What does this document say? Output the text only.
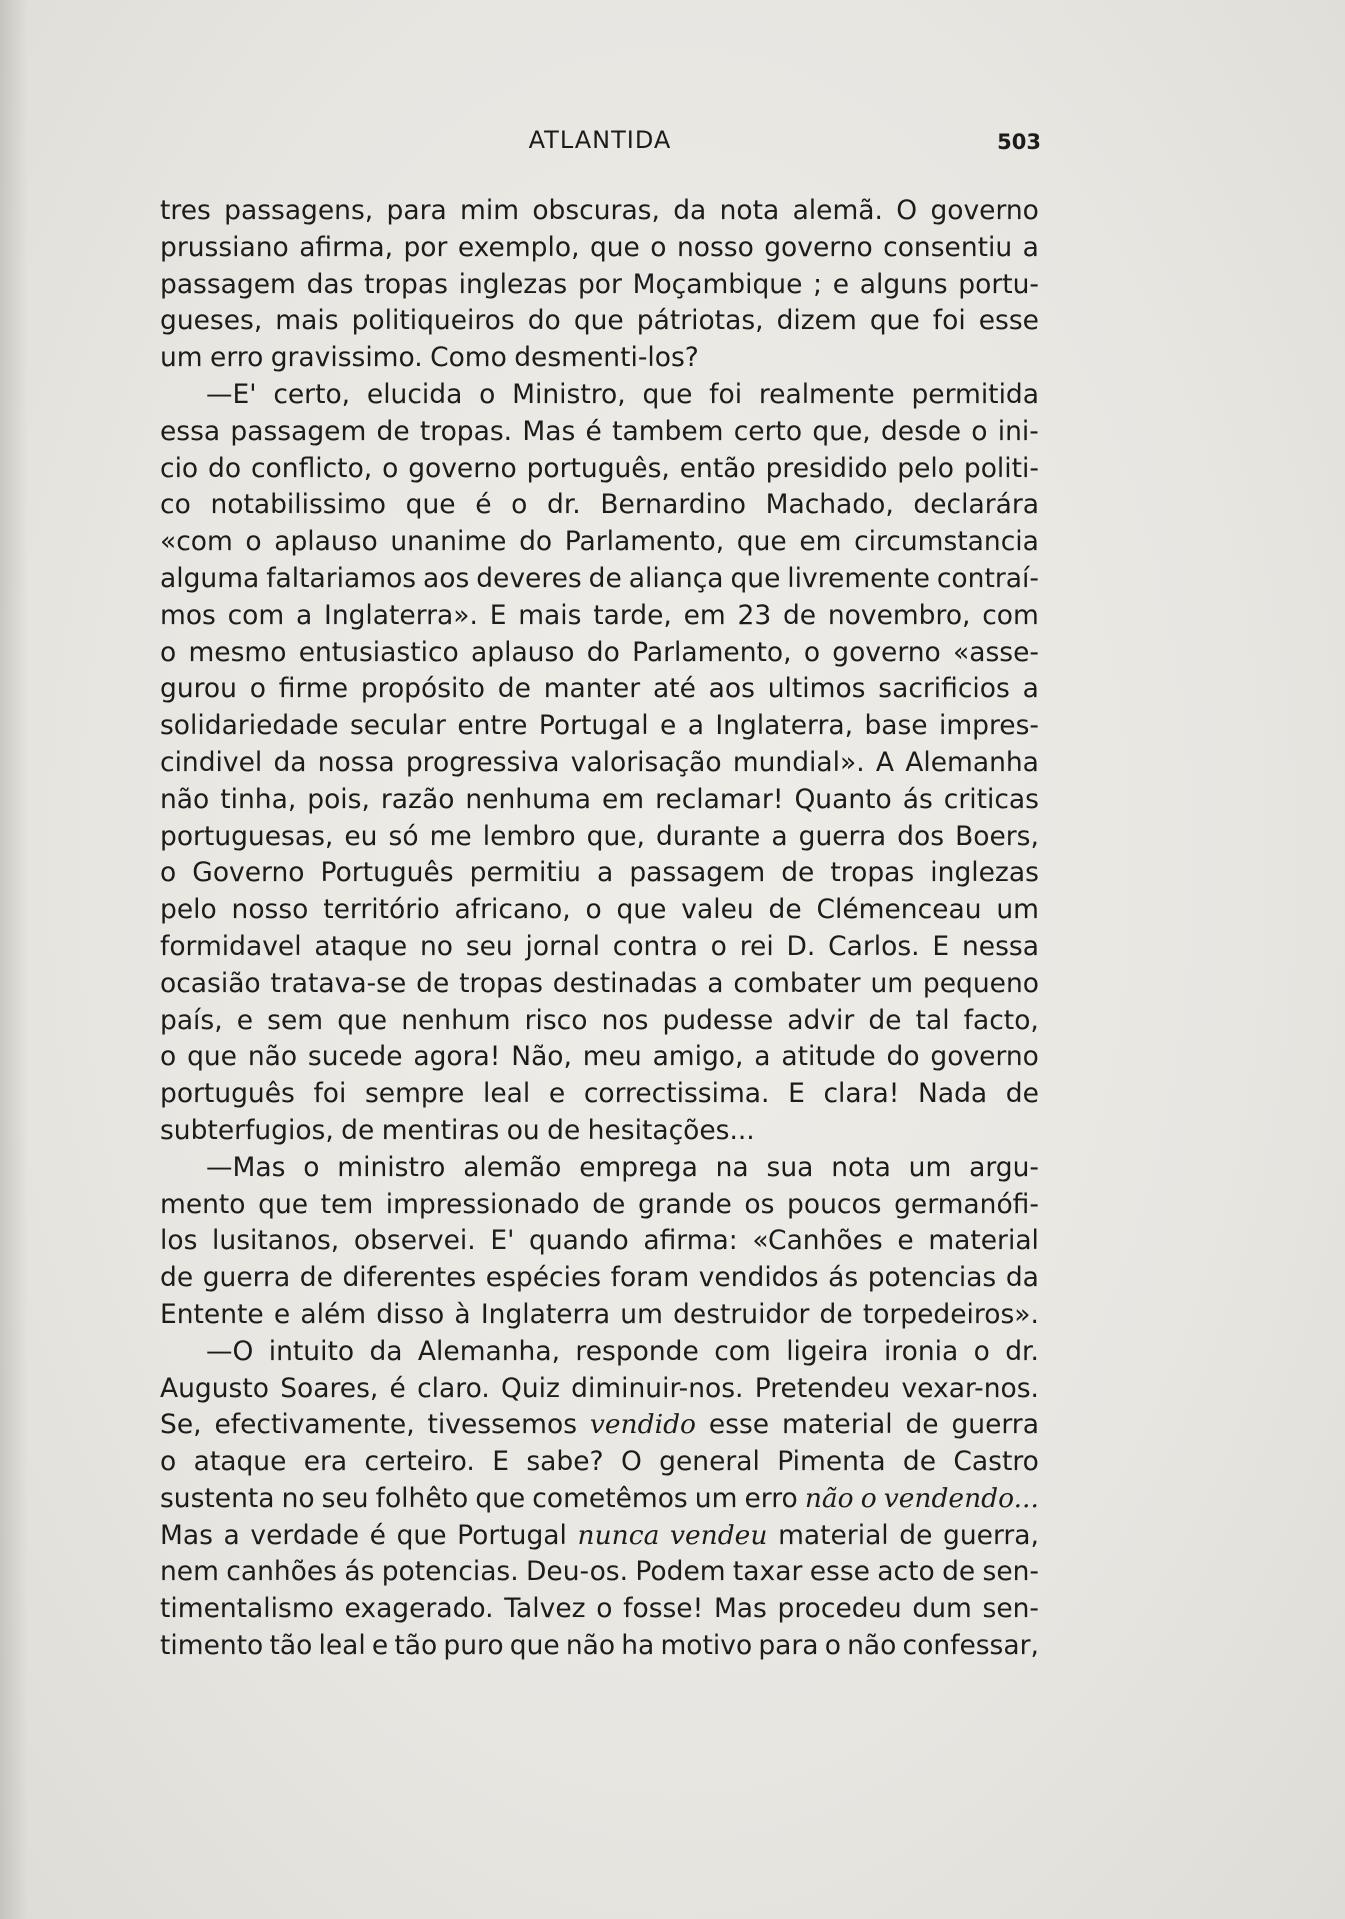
ATLANTIDA	503
tres passagens, para mim obscuras, da nota alemã. O governo
prussiano afirma, por exemplo, que o nosso governo consentiu a
passagem das tropas inglezas por Moçambique ; e alguns portu-
gueses, mais politiqueiros do que pátriotas, dizem que foi esse
um erro gravissimo. Como desmenti-los?
—E' certo, elucida o Ministro, que foi realmente permitida
essa passagem de tropas. Mas é tambem certo que, desde o ini-
cio do conflicto, o governo português, então presidido pelo politi-
co notabilissimo que é o dr. Bernardino Machado, declarára
«com o aplauso unanime do Parlamento, que em circumstancia
alguma faltariamos aos deveres de aliança que livremente contraí-
mos com a Inglaterra». E mais tarde, em 23 de novembro, com
o mesmo entusiastico aplauso do Parlamento, o governo «asse-
gurou o firme propósito de manter até aos ultimos sacrificios a
solidariedade secular entre Portugal e a Inglaterra, base impres-
cindivel da nossa progressiva valorisação mundial». A Alemanha
não tinha, pois, razão nenhuma em reclamar! Quanto ás criticas
portuguesas, eu só me lembro que, durante a guerra dos Boers,
o Governo Português permitiu a passagem de tropas inglezas
pelo nosso território africano, o que valeu de Clémenceau um
formidavel ataque no seu jornal contra o rei D. Carlos. E nessa
ocasião tratava-se de tropas destinadas a combater um pequeno
país, e sem que nenhum risco nos pudesse advir de tal facto,
o que não sucede agora! Não, meu amigo, a atitude do governo
português foi sempre leal e correctissima. E clara! Nada de
subterfugios, de mentiras ou de hesitações...
—Mas o ministro alemão emprega na sua nota um argu-
mento que tem impressionado de grande os poucos germanófi-
los lusitanos, observei. E' quando afirma: «Canhões e material
de guerra de diferentes espécies foram vendidos ás potencias da
Entente e além disso à Inglaterra um destruidor de torpedeiros».
—O intuito da Alemanha, responde com ligeira ironia o dr.
Augusto Soares, é claro. Quiz diminuir-nos. Pretendeu vexar-nos.
Se, efectivamente, tivessemos vendido esse material de guerra
o ataque era certeiro. E sabe? O general Pimenta de Castro
sustenta no seu folhêto que cometêmos um erro não o vendendo...
Mas a verdade é que Portugal nunca vendeu material de guerra,
nem canhões ás potencias. Deu-os. Podem taxar esse acto de sen-
timentalismo exagerado. Talvez o fosse! Mas procedeu dum sen-
timento tão leal e tão puro que não ha motivo para o não confessar,
